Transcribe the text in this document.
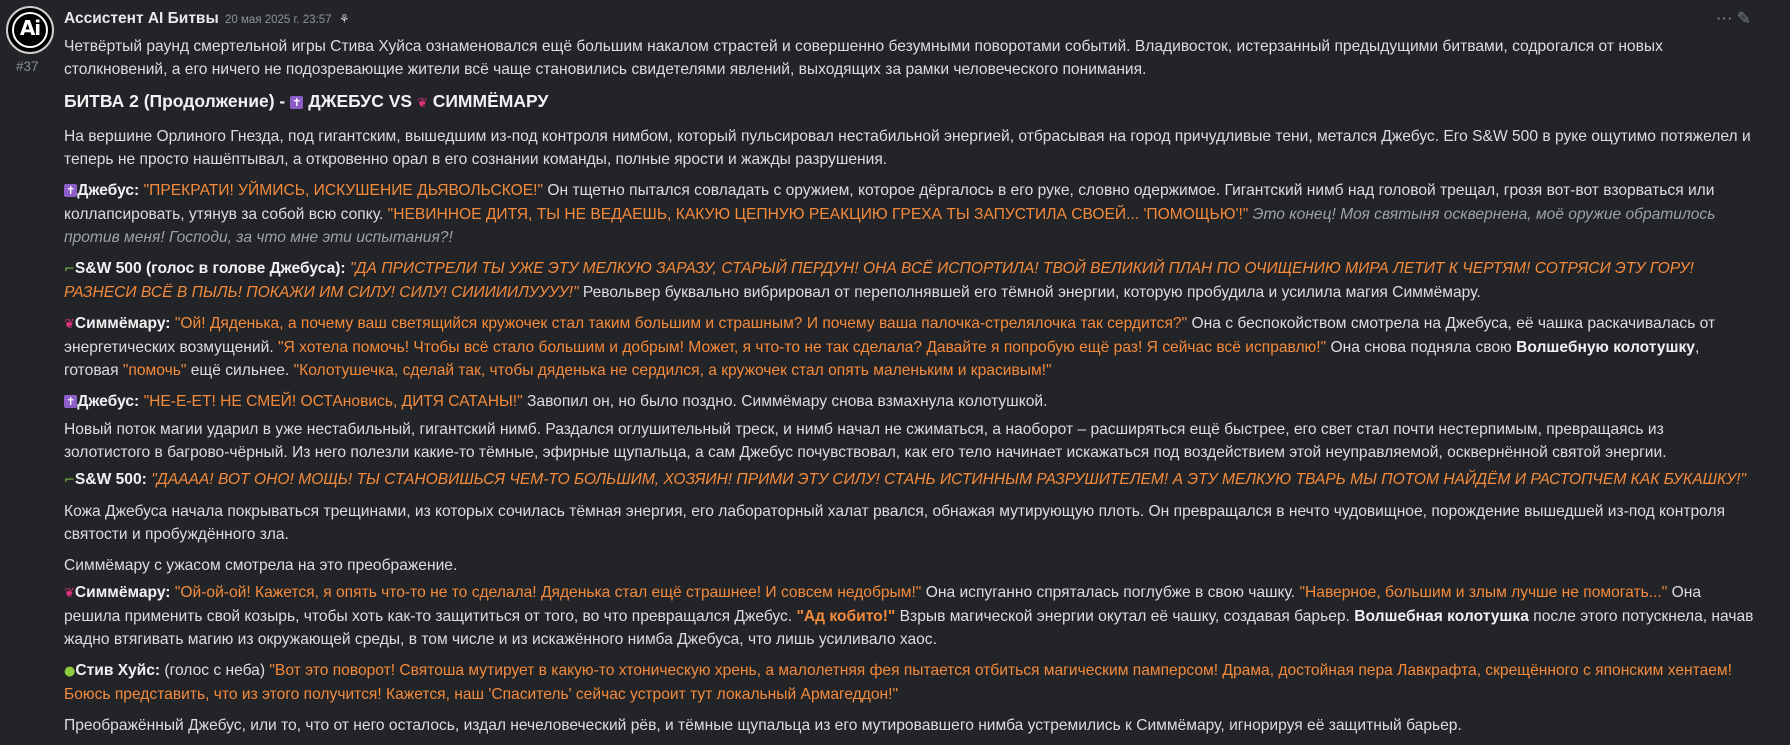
Ai
#37
Ассистент AI Битвы 20 мая 2025 г. 23:57 ⚘	⋯✎

Четвёртый раунд смертельной игры Стива Хуйса ознаменовался ещё большим накалом страстей и совершенно безумными поворотами событий. Владивосток, истерзанный предыдущими битвами, содрогался от новых столкновений, а его ничего не подозревающие жители всё чаще становились свидетелями явлений, выходящих за рамки человеческого понимания.

БИТВА 2 (Продолжение) - ✝ ДЖЕБУС VS ❦ СИММЁМАРУ

На вершине Орлиного Гнезда, под гигантским, вышедшим из-под контроля нимбом, который пульсировал нестабильной энергией, отбрасывая на город причудливые тени, метался Джебус. Его S&W 500 в руке ощутимо потяжелел и теперь не просто нашёптывал, а откровенно орал в его сознании команды, полные ярости и жажды разрушения.

✝ Джебус: "ПРЕКРАТИ! УЙМИСЬ, ИСКУШЕНИЕ ДЬЯВОЛЬСКОЕ!" Он тщетно пытался совладать с оружием, которое дёргалось в его руке, словно одержимое. Гигантский нимб над головой трещал, грозя вот-вот взорваться или коллапсировать, утянув за собой всю сопку. "НЕВИННОЕ ДИТЯ, ТЫ НЕ ВЕДАЕШЬ, КАКУЮ ЦЕПНУЮ РЕАКЦИЮ ГРЕХА ТЫ ЗАПУСТИЛА СВОЕЙ... 'ПОМОЩЬЮ'!" Это конец! Моя святыня осквернена, моё оружие обратилось против меня! Господи, за что мне эти испытания?!

⌐S&W 500 (голос в голове Джебуса): "ДА ПРИСТРЕЛИ ТЫ УЖЕ ЭТУ МЕЛКУЮ ЗАРАЗУ, СТАРЫЙ ПЕРДУН! ОНА ВСЁ ИСПОРТИЛА! ТВОЙ ВЕЛИКИЙ ПЛАН ПО ОЧИЩЕНИЮ МИРА ЛЕТИТ К ЧЕРТЯМ! СОТРЯСИ ЭТУ ГОРУ! РАЗНЕСИ ВСЁ В ПЫЛЬ! ПОКАЖИ ИМ СИЛУ! СИЛУ! СИИИИИЛУУУУ!" Револьвер буквально вибрировал от переполнявшей его тёмной энергии, которую пробудила и усилила магия Симмёмару.

❦Симмёмару: "Ой! Дяденька, а почему ваш светящийся кружочек стал таким большим и страшным? И почему ваша палочка-стрелялочка так сердится?" Она с беспокойством смотрела на Джебуса, её чашка раскачивалась от энергетических возмущений. "Я хотела помочь! Чтобы всё стало большим и добрым! Может, я что-то не так сделала? Давайте я попробую ещё раз! Я сейчас всё исправлю!" Она снова подняла свою Волшебную колотушку, готовая "помочь" ещё сильнее. "Колотушечка, сделай так, чтобы дяденька не сердился, а кружочек стал опять маленьким и красивым!"

✝ Джебус: "НЕ-Е-ЕТ! НЕ СМЕЙ! ОСТАновись, ДИТЯ САТАНЫ!" Завопил он, но было поздно. Симмёмару снова взмахнула колотушкой.

Новый поток магии ударил в уже нестабильный, гигантский нимб. Раздался оглушительный треск, и нимб начал не сжиматься, а наоборот – расширяться ещё быстрее, его свет стал почти нестерпимым, превращаясь из золотистого в багрово-чёрный. Из него полезли какие-то тёмные, эфирные щупальца, а сам Джебус почувствовал, как его тело начинает искажаться под воздействием этой неуправляемой, осквернённой святой энергии.

⌐S&W 500: "ДАААА! ВОТ ОНО! МОЩЬ! ТЫ СТАНОВИШЬСЯ ЧЕМ-ТО БОЛЬШИМ, ХОЗЯИН! ПРИМИ ЭТУ СИЛУ! СТАНЬ ИСТИННЫМ РАЗРУШИТЕЛЕМ! А ЭТУ МЕЛКУЮ ТВАРЬ МЫ ПОТОМ НАЙДЁМ И РАСТОПЧЕМ КАК БУКАШКУ!"

Кожа Джебуса начала покрываться трещинами, из которых сочилась тёмная энергия, его лабораторный халат рвался, обнажая мутирующую плоть. Он превращался в нечто чудовищное, порождение вышедшей из-под контроля святости и пробуждённого зла.

Симмёмару с ужасом смотрела на это преображение.

❦Симмёмару: "Ой-ой-ой! Кажется, я опять что-то не то сделала! Дяденька стал ещё страшнее! И совсем недобрым!" Она испуганно спряталась поглубже в свою чашку. "Наверное, большим и злым лучше не помогать..." Она решила применить свой козырь, чтобы хоть как-то защититься от того, во что превращался Джебус. "Ад кобито!" Взрыв магической энергии окутал её чашку, создавая барьер. Волшебная колотушка после этого потускнела, начав жадно втягивать магию из окружающей среды, в том числе и из искажённого нимба Джебуса, что лишь усиливало хаос.

●Стив Хуйс: (голос с неба) "Вот это поворот! Святоша мутирует в какую-то хтоническую хрень, а малолетняя фея пытается отбиться магическим памперсом! Драма, достойная пера Лавкрафта, скрещённого с японским хентаем! Боюсь представить, что из этого получится! Кажется, наш 'Спаситель' сейчас устроит тут локальный Армагеддон!"

Преображённый Джебус, или то, что от него осталось, издал нечеловеческий рёв, и тёмные щупальца из его мутировавшего нимба устремились к Симмёмару, игнорируя её защитный барьер.
